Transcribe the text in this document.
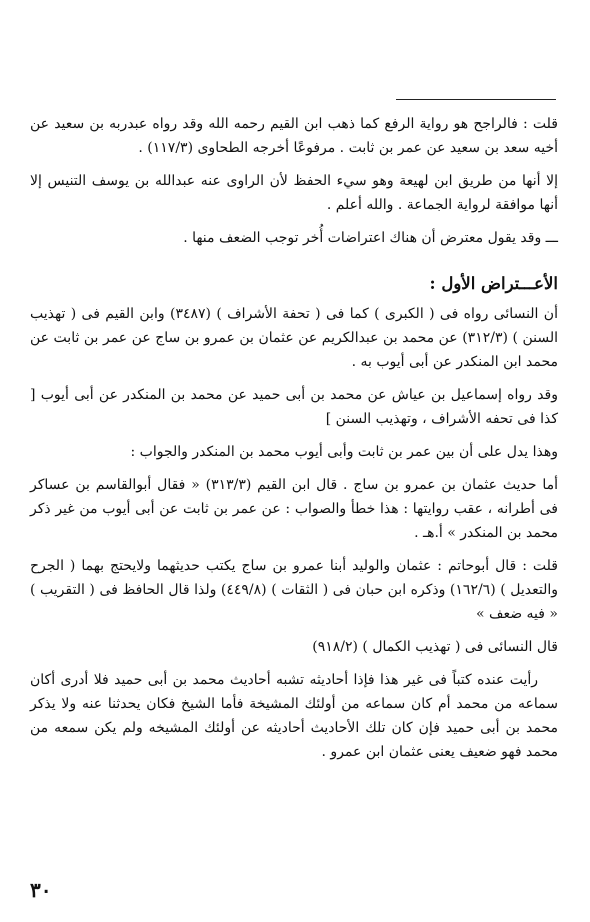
قلت : فالراجح هو رواية الرفع كما ذهب ابن القيم رحمه الله وقد رواه عبدربه بن سعيد عن أخيه سعد بن سعيد عن عمر بن ثابت . مرفوعًا أخرجه الطحاوى (١١٧/٣) .

إلا أنها من طريق ابن لهيعة وهو سيء الحفظ لأن الراوى عنه عبدالله بن يوسف التنيس إلا أنها موافقة لرواية الجماعة . والله أعلم .

ـــ وقد يقول معترض أن هناك اعتراضات أُخر توجب الضعف منها .

الأعـــتراض الأول :

أن النسائى رواه فى ( الكبرى ) كما فى ( تحفة الأشراف ) (٣٤٨٧) وابن القيم فى ( تهذيب السنن ) (٣١٢/٣) عن محمد بن عبدالكريم عن عثمان بن عمرو بن ساج عن عمر بن ثابت عن محمد ابن المنكدر عن أبى أيوب به .

وقد رواه إسماعيل بن عياش عن محمد بن أبى حميد عن محمد بن المنكدر عن أبى أيوب [ كذا فى تحفه الأشراف ، وتهذيب السنن ]

وهذا يدل على أن بين عمر بن ثابت وأبى أيوب محمد بن المنكدر والجواب :

أما حديث عثمان بن عمرو بن ساج . قال ابن القيم (٣١٣/٣) « فقال أبوالقاسم بن عساكر فى أطرانه ، عقب روايتها : هذا خطأ والصواب : عن عمر بن ثابت عن أبى أيوب من غير ذكر محمد بن المنكدر » أ.هـ .

قلت : قال أبوحاتم : عثمان والوليد أبنا عمرو بن ساج يكتب حديثهما ولايحتج بهما ( الجرح والتعديل ) (١٦٢/٦) وذكره ابن حبان فى ( الثقات ) (٤٤٩/٨) ولذا قال الحافظ فى ( التقريب ) « فيه ضعف »

قال النسائى فى ( تهذيب الكمال ) (٩١٨/٢)

رأيت عنده كتباً فى غير هذا فإذا أحاديثه تشبه أحاديث محمد بن أبى حميد فلا أدرى أكان سماعه من محمد أم كان سماعه من أولئك المشيخة فأما الشيخ فكان يحدثنا عنه ولا يذكر محمد بن أبى حميد فإن كان تلك الأحاديث أحاديثه عن أولئك المشيخه ولم يكن سمعه من محمد فهو ضعيف يعنى عثمان ابن عمرو .

٣٠
